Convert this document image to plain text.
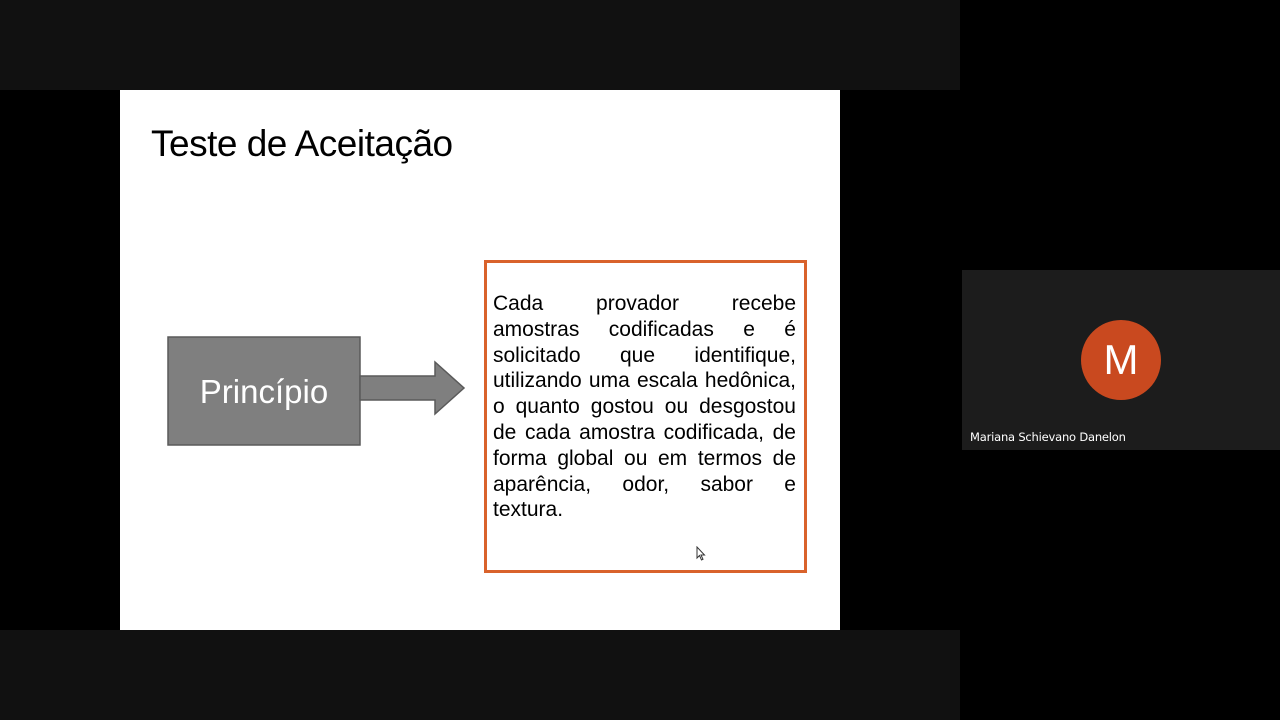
Teste de Aceitação
Princípio

Cada provador recebe amostras codificadas e é solicitado que identifique, utilizando uma escala hedônica, o quanto gostou ou desgostou de cada amostra codificada, de forma global ou em termos de aparência, odor, sabor e textura.

M
Mariana Schievano Danelon
